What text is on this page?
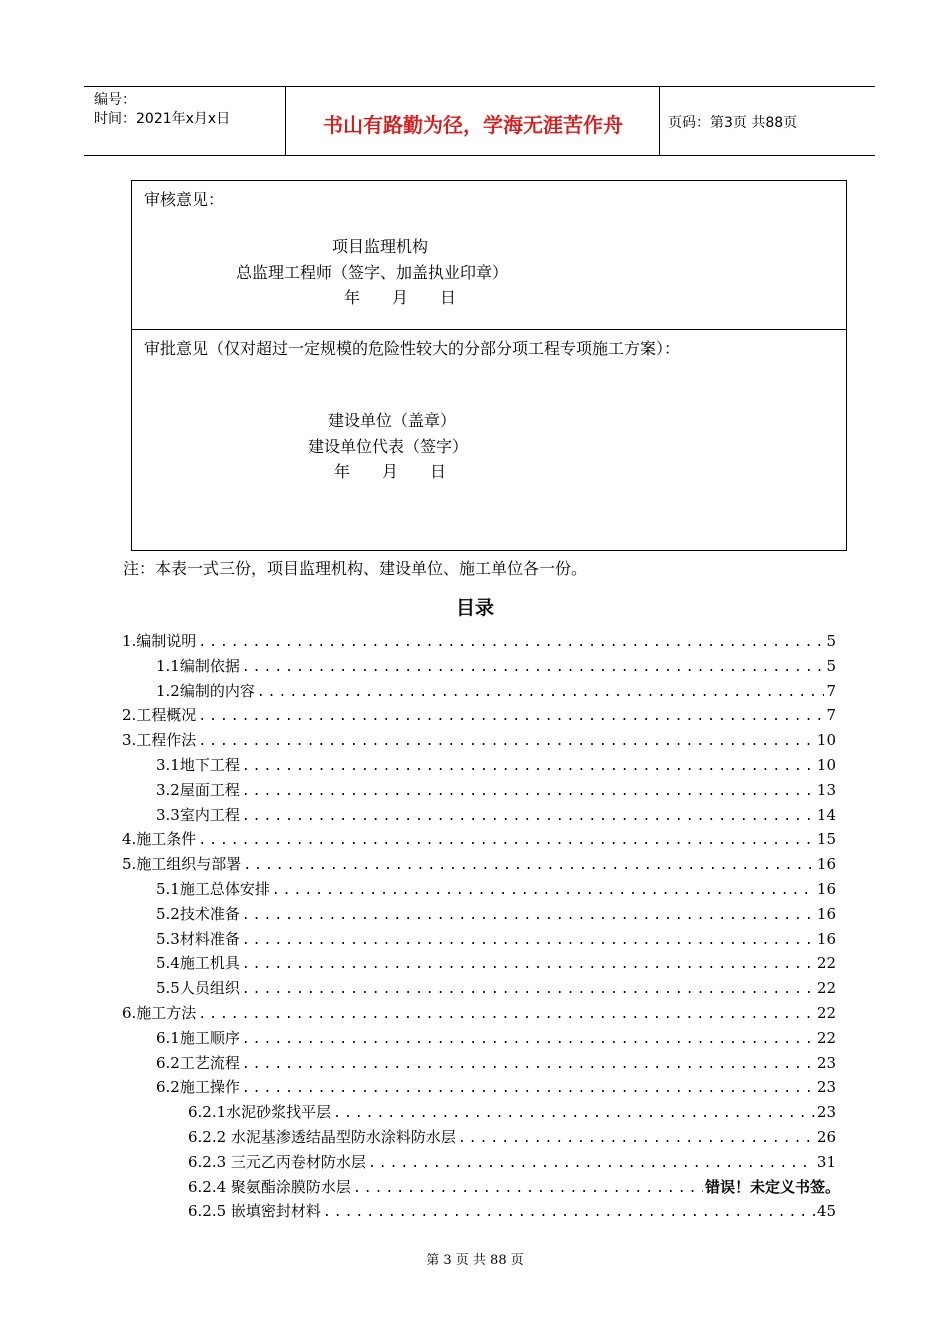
编号：
时间：2021年x月x日	书山有路勤为径，学海无涯苦作舟	页码：第3页 共88页
审核意见：
项目监理机构
总监理工程师（签字、加盖执业印章）
年　　月　　日
审批意见（仅对超过一定规模的危险性较大的分部分项工程专项施工方案）：
建设单位（盖章）
建设单位代表（签字）
年　　月　　日
注：本表一式三份，项目监理机构、建设单位、施工单位各一份。
目录
1.编制说明 .....	5
1.1编制依据 .....	5
1.2编制的内容 .....	7
2.工程概况 .....	7
3.工程作法 .....	10
3.1地下工程 .....	10
3.2屋面工程 .....	13
3.3室内工程 .....	14
4.施工条件 .....	15
5.施工组织与部署 .....	16
5.1施工总体安排 .....	16
5.2技术准备 .....	16
5.3材料准备 .....	16
5.4施工机具 .....	22
5.5人员组织 .....	22
6.施工方法 .....	22
6.1施工顺序 .....	22
6.2工艺流程 .....	23
6.2施工操作 .....	23
6.2.1水泥砂浆找平层 .....	23
6.2.2 水泥基渗透结晶型防水涂料防水层 .....	26
6.2.3 三元乙丙卷材防水层 .....	31
6.2.4 聚氨酯涂膜防水层 .....	错误！未定义书签。
6.2.5 嵌填密封材料 .....	45
第 3 页 共 88 页
